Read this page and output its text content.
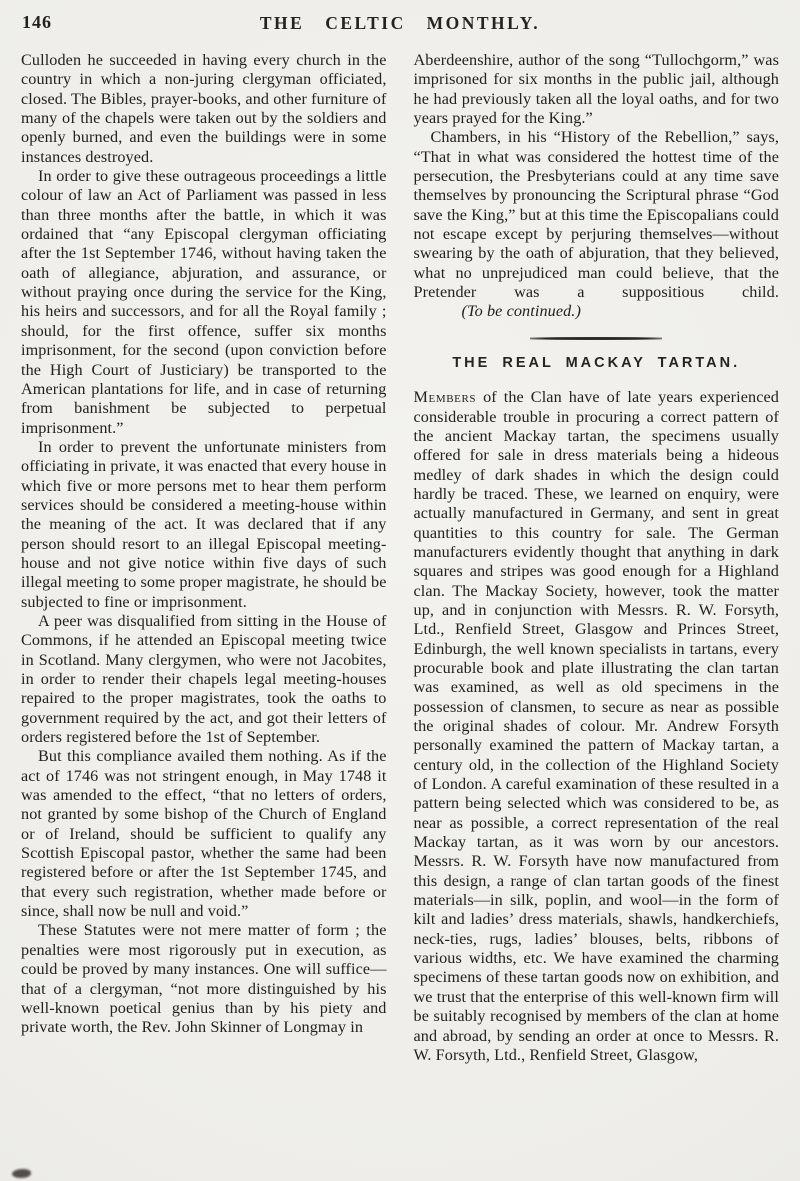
146	THE CELTIC MONTHLY.

Culloden he succeeded in having every church in the country in which a non-juring clergyman officiated, closed. The Bibles, prayer-books, and other furniture of many of the chapels were taken out by the soldiers and openly burned, and even the buildings were in some instances destroyed.

In order to give these outrageous proceedings a little colour of law an Act of Parliament was passed in less than three months after the battle, in which it was ordained that “any Episcopal clergyman officiating after the 1st September 1746, without having taken the oath of allegiance, abjuration, and assurance, or without praying once during the service for the King, his heirs and successors, and for all the Royal family ; should, for the first offence, suffer six months imprisonment, for the second (upon conviction before the High Court of Justiciary) be transported to the American plantations for life, and in case of returning from banishment be subjected to perpetual imprisonment.”

In order to prevent the unfortunate ministers from officiating in private, it was enacted that every house in which five or more persons met to hear them perform services should be considered a meeting-house within the meaning of the act. It was declared that if any person should resort to an illegal Episcopal meeting-house and not give notice within five days of such illegal meeting to some proper magistrate, he should be subjected to fine or imprisonment.

A peer was disqualified from sitting in the House of Commons, if he attended an Episcopal meeting twice in Scotland. Many clergymen, who were not Jacobites, in order to render their chapels legal meeting-houses repaired to the proper magistrates, took the oaths to government required by the act, and got their letters of orders registered before the 1st of September.

But this compliance availed them nothing. As if the act of 1746 was not stringent enough, in May 1748 it was amended to the effect, “that no letters of orders, not granted by some bishop of the Church of England or of Ireland, should be sufficient to qualify any Scottish Episcopal pastor, whether the same had been registered before or after the 1st September 1745, and that every such registration, whether made before or since, shall now be null and void.”

These Statutes were not mere matter of form ; the penalties were most rigorously put in execution, as could be proved by many instances. One will suffice—that of a clergyman, “not more distinguished by his well-known poetical genius than by his piety and private worth, the Rev. John Skinner of Longmay in

Aberdeenshire, author of the song “Tullochgorm,” was imprisoned for six months in the public jail, although he had previously taken all the loyal oaths, and for two years prayed for the King.”

Chambers, in his “History of the Rebellion,” says, “That in what was considered the hottest time of the persecution, the Presbyterians could at any time save themselves by pronouncing the Scriptural phrase “God save the King,” but at this time the Episcopalians could not escape except by perjuring themselves—without swearing by the oath of abjuration, that they believed, what no unprejudiced man could believe, that the Pretender was a suppositious child.(To be continued.)

THE REAL MACKAY TARTAN.

Members of the Clan have of late years experienced considerable trouble in procuring a correct pattern of the ancient Mackay tartan, the specimens usually offered for sale in dress materials being a hideous medley of dark shades in which the design could hardly be traced. These, we learned on enquiry, were actually manufactured in Germany, and sent in great quantities to this country for sale. The German manufacturers evidently thought that anything in dark squares and stripes was good enough for a Highland clan. The Mackay Society, however, took the matter up, and in conjunction with Messrs. R. W. Forsyth, Ltd., Renfield Street, Glasgow and Princes Street, Edinburgh, the well known specialists in tartans, every procurable book and plate illustrating the clan tartan was examined, as well as old specimens in the possession of clansmen, to secure as near as possible the original shades of colour. Mr. Andrew Forsyth personally examined the pattern of Mackay tartan, a century old, in the collection of the Highland Society of London. A careful examination of these resulted in a pattern being selected which was considered to be, as near as possible, a correct representation of the real Mackay tartan, as it was worn by our ancestors. Messrs. R. W. Forsyth have now manufactured from this design, a range of clan tartan goods of the finest materials—in silk, poplin, and wool—in the form of kilt and ladies’ dress materials, shawls, handkerchiefs, neck-ties, rugs, ladies’ blouses, belts, ribbons of various widths, etc. We have examined the charming specimens of these tartan goods now on exhibition, and we trust that the enterprise of this well-known firm will be suitably recognised by members of the clan at home and abroad, by sending an order at once to Messrs. R. W. Forsyth, Ltd., Renfield Street, Glasgow,
